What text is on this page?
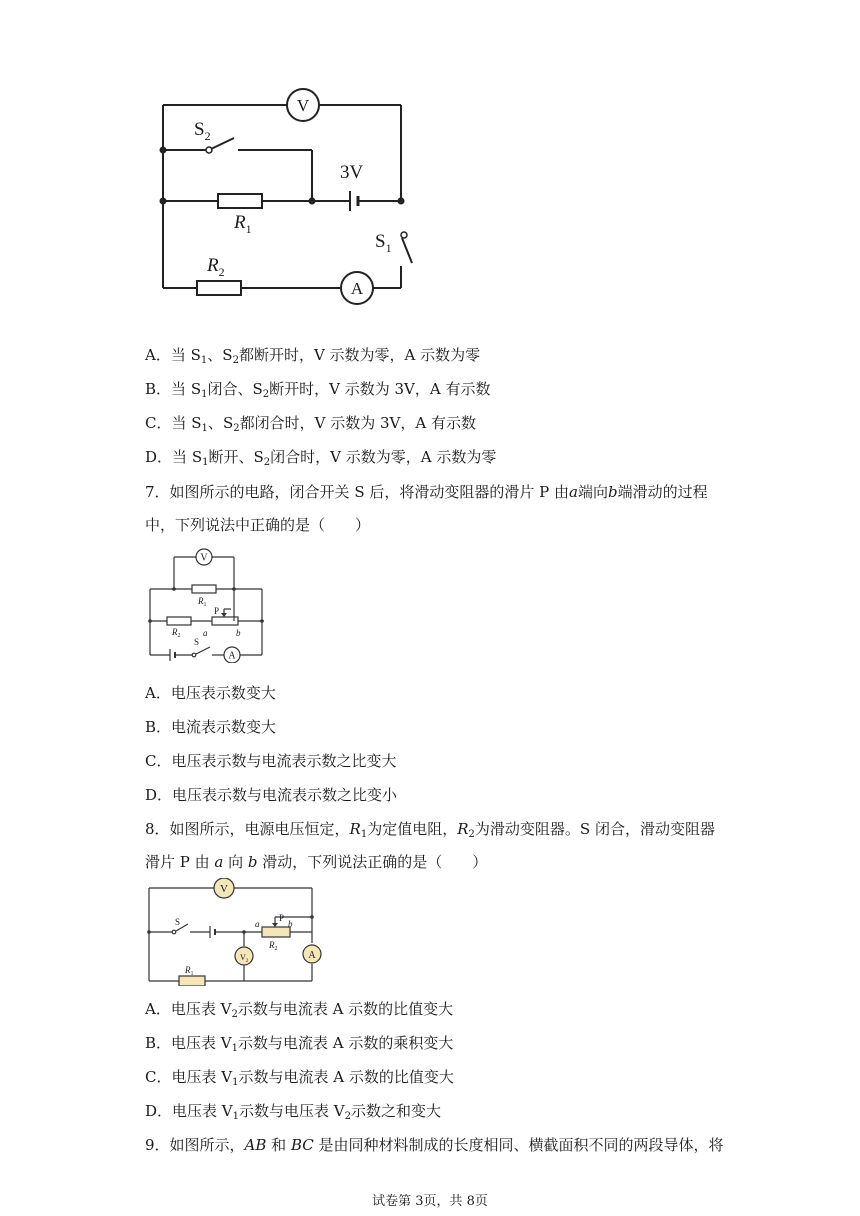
V
A
$S_2$
3V
$R_1$
$S_1$
$R_2$
A．当 $S_1$、$S_2$都断开时，V 示数为零，A 示数为零
B．当 $S_1$闭合、$S_2$断开时，V 示数为 3V，A 有示数
C．当 $S_1$、$S_2$都闭合时，V 示数为 3V，A 有示数
D．当 $S_1$断开、$S_2$闭合时，V 示数为零，A 示数为零
7．如图所示的电路，闭合开关 S 后，将滑动变阻器的滑片 P 由a端向b端滑动的过程
中，下列说法中正确的是（　　）
V
$R_1$
P
$R_2$
S
a	b
A
A．电压表示数变大
B．电流表示数变大
C．电压表示数与电流表示数之比变大
D．电压表示数与电流表示数之比变小
8．如图所示，电源电压恒定，$R_1$为定值电阻，$R_2$为滑动变阻器。S 闭合，滑动变阻器
滑片 P 由 a 向 b 滑动，下列说法正确的是（　　）
V
S	a
P
b
$R_2$
$V_2$
A
$R_1$
A．电压表 $V_2$示数与电流表 A 示数的比值变大
B．电压表 $V_1$示数与电流表 A 示数的乘积变大
C．电压表 $V_1$示数与电流表 A 示数的比值变大
D．电压表 $V_1$示数与电压表 $V_2$示数之和变大
9．如图所示，AB 和 BC 是由同种材料制成的长度相同、横截面积不同的两段导体，将
试卷第 3页，共 8页
